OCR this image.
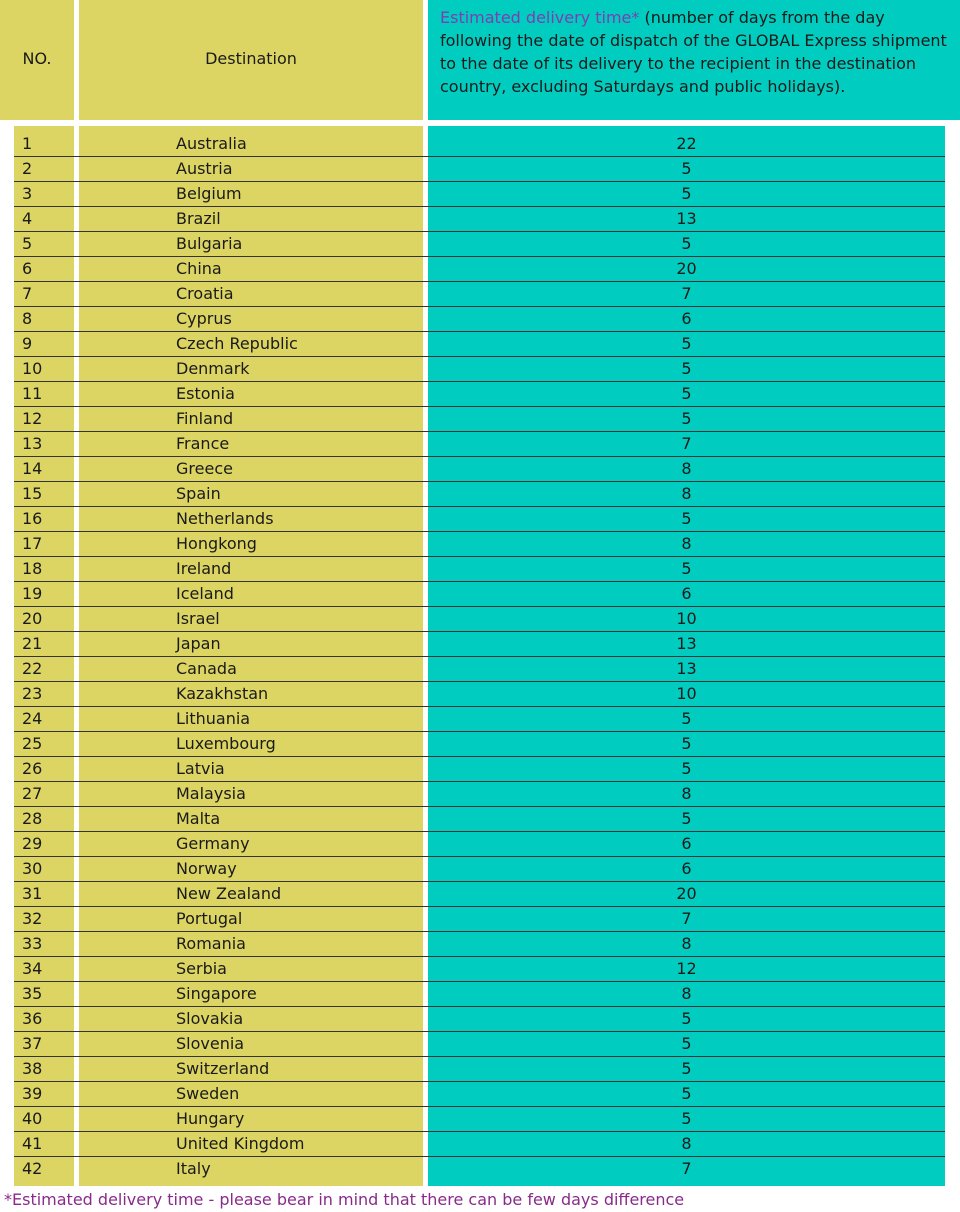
NO.	Destination
Estimated delivery time* (number of days from the day following the date of dispatch of the GLOBAL Express shipment to the date of its delivery to the recipient in the destination country, excluding Saturdays and public holidays).
1	Australia	22
2	Austria	5
3	Belgium	5
4	Brazil	13
5	Bulgaria	5
6	China	20
7	Croatia	7
8	Cyprus	6
9	Czech Republic	5
10	Denmark	5
11	Estonia	5
12	Finland	5
13	France	7
14	Greece	8
15	Spain	8
16	Netherlands	5
17	Hongkong	8
18	Ireland	5
19	Iceland	6
20	Israel	10
21	Japan	13
22	Canada	13
23	Kazakhstan	10
24	Lithuania	5
25	Luxembourg	5
26	Latvia	5
27	Malaysia	8
28	Malta	5
29	Germany	6
30	Norway	6
31	New Zealand	20
32	Portugal	7
33	Romania	8
34	Serbia	12
35	Singapore	8
36	Slovakia	5
37	Slovenia	5
38	Switzerland	5
39	Sweden	5
40	Hungary	5
41	United Kingdom	8
42	Italy	7
*Estimated delivery time - please bear in mind that there can be few days difference
